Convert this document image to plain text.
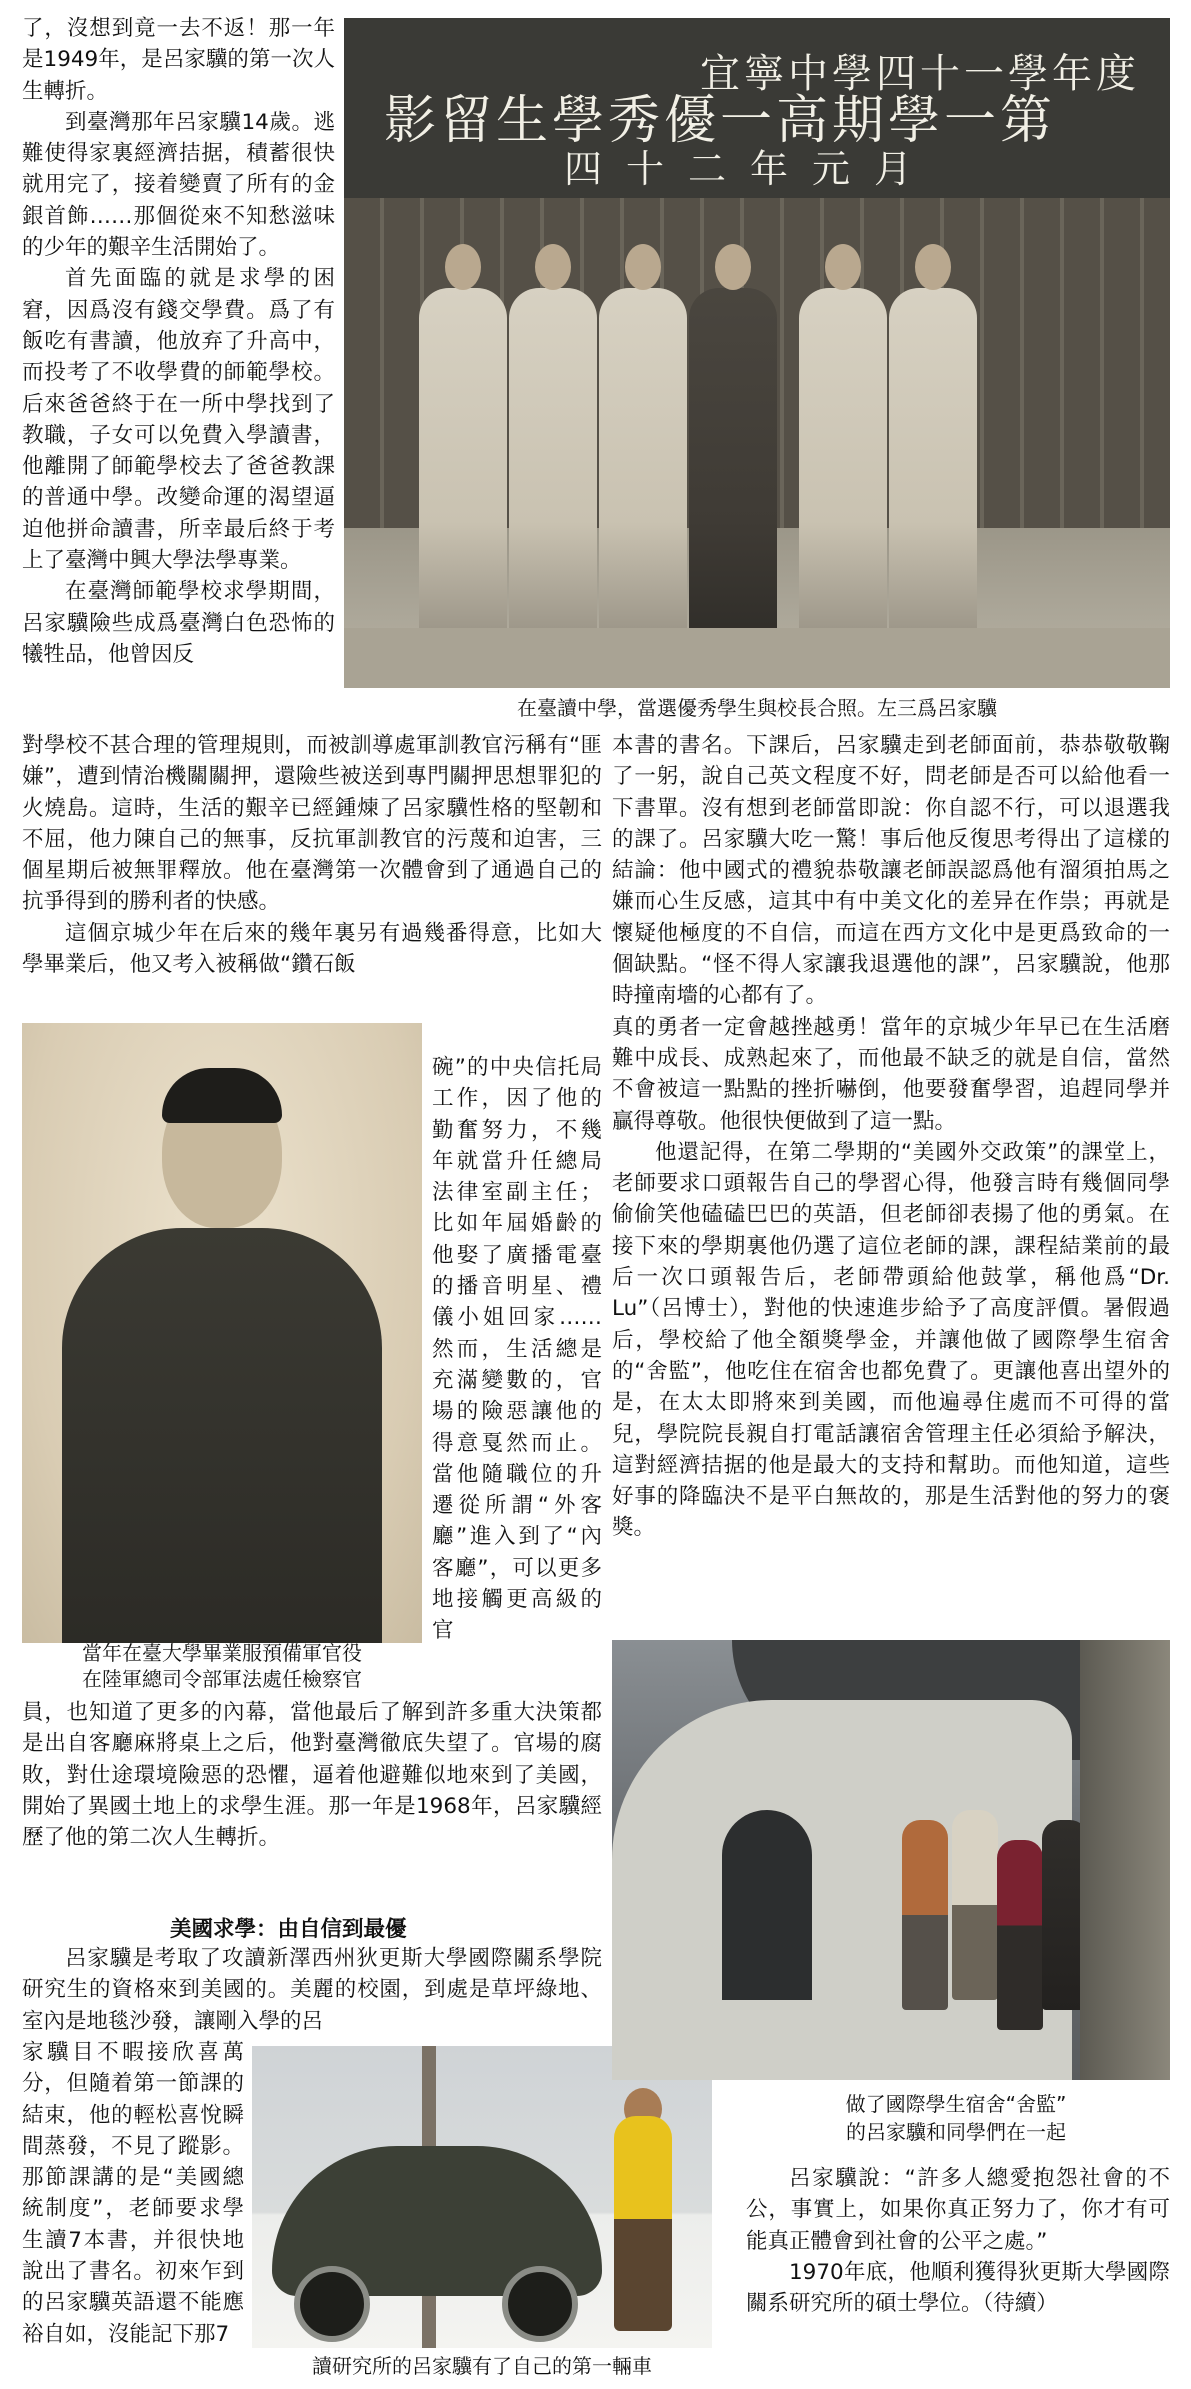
了，沒想到竟一去不返！那一年是1949年，是呂家驥的第一次人生轉折。

到臺灣那年呂家驥14歲。逃難使得家裏經濟拮据，積蓄很快就用完了，接着變賣了所有的金銀首飾……那個從來不知愁滋味的少年的艱辛生活開始了。

首先面臨的就是求學的困窘，因爲沒有錢交學費。爲了有飯吃有書讀，他放弃了升高中，而投考了不收學費的師範學校。后來爸爸終于在一所中學找到了教職，子女可以免費入學讀書，他離開了師範學校去了爸爸教課的普通中學。改變命運的渴望逼迫他拼命讀書，所幸最后終于考上了臺灣中興大學法學專業。

在臺灣師範學校求學期間，呂家驥險些成爲臺灣白色恐怖的犧牲品，他曾因反

宜寧中學四十一學年度
影留生學秀優一高期學一第
四十二年元月
在臺讀中學，當選優秀學生與校長合照。左三爲呂家驥

對學校不甚合理的管理規則，而被訓導處軍訓教官污稱有“匪嫌”，遭到情治機關關押，還險些被送到專門關押思想罪犯的火燒島。這時，生活的艱辛已經鍾煉了呂家驥性格的堅韌和不屈，他力陳自己的無事，反抗軍訓教官的污蔑和迫害，三個星期后被無罪釋放。他在臺灣第一次體會到了通過自己的抗爭得到的勝利者的快感。

這個京城少年在后來的幾年裏另有過幾番得意，比如大學畢業后，他又考入被稱做“鑽石飯

當年在臺大學畢業服預備軍官役
在陸軍總司令部軍法處任檢察官

碗”的中央信托局工作，因了他的勤奮努力，不幾年就當升任總局法律室副主任；比如年屆婚齡的他娶了廣播電臺的播音明星、禮儀小姐回家……然而，生活總是充滿變數的，官場的險惡讓他的得意戛然而止。當他隨職位的升遷從所謂“外客廳”進入到了“內客廳”，可以更多地接觸更高級的官

員，也知道了更多的內幕，當他最后了解到許多重大決策都是出自客廳麻將桌上之后，他對臺灣徹底失望了。官場的腐敗，對仕途環境險惡的恐懼，逼着他避難似地來到了美國，開始了異國土地上的求學生涯。那一年是1968年，呂家驥經歷了他的第二次人生轉折。

美國求學：由自信到最優

呂家驥是考取了攻讀新澤西州狄更斯大學國際關系學院研究生的資格來到美國的。美麗的校園，到處是草坪綠地、室內是地毯沙發，讓剛入學的呂

家驥目不暇接欣喜萬分，但隨着第一節課的結束，他的輕松喜悅瞬間蒸發，不見了蹤影。那節課講的是“美國總統制度”，老師要求學生讀7本書，并很快地說出了書名。初來乍到的呂家驥英語還不能應裕自如，沒能記下那7

讀研究所的呂家驥有了自己的第一輛車

本書的書名。下課后，呂家驥走到老師面前，恭恭敬敬鞠了一躬，說自己英文程度不好，問老師是否可以給他看一下書單。沒有想到老師當即說：你自認不行，可以退選我的課了。呂家驥大吃一驚！事后他反復思考得出了這樣的結論：他中國式的禮貌恭敬讓老師誤認爲他有溜須拍馬之嫌而心生反感，這其中有中美文化的差异在作祟；再就是懷疑他極度的不自信，而這在西方文化中是更爲致命的一個缺點。“怪不得人家讓我退選他的課”，呂家驥說，他那時撞南墻的心都有了。

真的勇者一定會越挫越勇！當年的京城少年早已在生活磨難中成長、成熟起來了，而他最不缺乏的就是自信，當然不會被這一點點的挫折嚇倒，他要發奮學習，追趕同學并贏得尊敬。他很快便做到了這一點。

他還記得，在第二學期的“美國外交政策”的課堂上，老師要求口頭報告自己的學習心得，他發言時有幾個同學偷偷笑他磕磕巴巴的英語，但老師卻表揚了他的勇氣。在接下來的學期裏他仍選了這位老師的課，課程結業前的最后一次口頭報告后，老師帶頭給他鼓掌，稱他爲“Dr. Lu”（呂博士），對他的快速進步給予了高度評價。暑假過后，學校給了他全額獎學金，并讓他做了國際學生宿舍的“舍監”，他吃住在宿舍也都免費了。更讓他喜出望外的是，在太太即將來到美國，而他遍尋住處而不可得的當兒，學院院長親自打電話讓宿舍管理主任必須給予解決，這對經濟拮据的他是最大的支持和幫助。而他知道，這些好事的降臨決不是平白無故的，那是生活對他的努力的褒獎。

做了國際學生宿舍“舍監”
的呂家驥和同學們在一起

呂家驥說：“許多人總愛抱怨社會的不公，事實上，如果你真正努力了，你才有可能真正體會到社會的公平之處。”

1970年底，他順利獲得狄更斯大學國際關系研究所的碩士學位。（待續）
